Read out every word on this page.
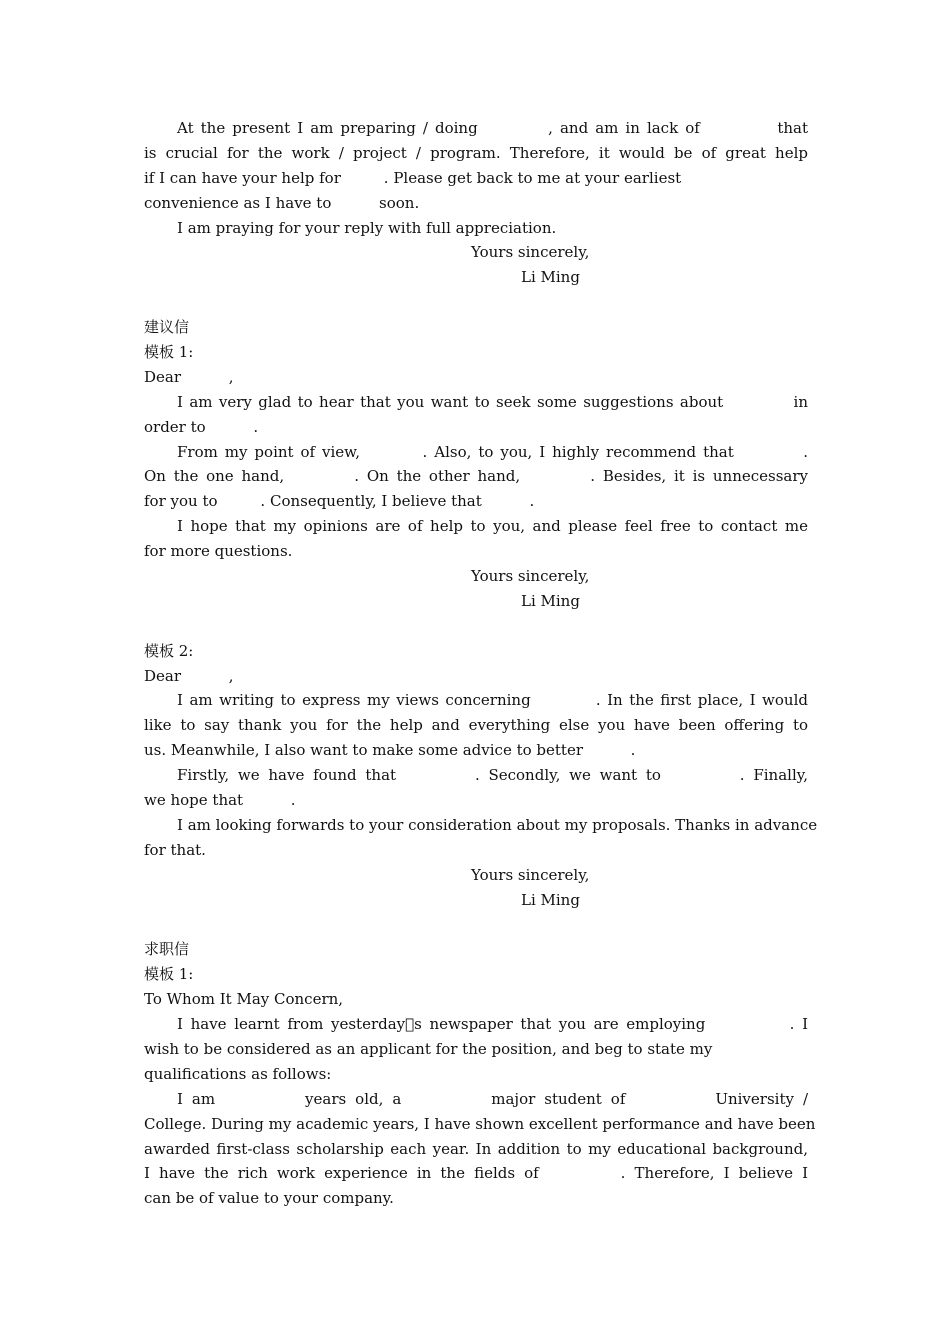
At the present I am preparing / doing          , and am in lack of           that
is crucial for the work / project / program. Therefore, it would be of great help
if I can have your help for         . Please get back to me at your earliest
convenience as I have to          soon.
I am praying for your reply with full appreciation.
Yours sincerely,
Li Ming
建议信
模板 1:
Dear          ,
I am very glad to hear that you want to seek some suggestions about           in
order to          .
From my point of view,         . Also, to you, I highly recommend that          .
On the one hand,         . On the other hand,         . Besides, it is unnecessary
for you to         . Consequently, I believe that          .
I hope that my opinions are of help to you, and please feel free to contact me
for more questions.
Yours sincerely,
Li Ming
模板 2:
Dear          ,
I am writing to express my views concerning          . In the first place, I would
like to say thank you for the help and everything else you have been offering to
us. Meanwhile, I also want to make some advice to better          .
Firstly, we have found that         . Secondly, we want to         . Finally,
we hope that          .
I am looking forwards to your consideration about my proposals. Thanks in advance
for that.
Yours sincerely,
Li Ming
求职信
模板 1:
To Whom It May Concern,
I have learnt from yesterday s newspaper that you are employing           . I
wish to be considered as an applicant for the position, and beg to state my
qualifications as follows:
I am          years old, a          major student of          University /
College. During my academic years, I have shown excellent performance and have been
awarded first-class scholarship each year. In addition to my educational background,
I have the rich work experience in the fields of         . Therefore, I believe I
can be of value to your company.
